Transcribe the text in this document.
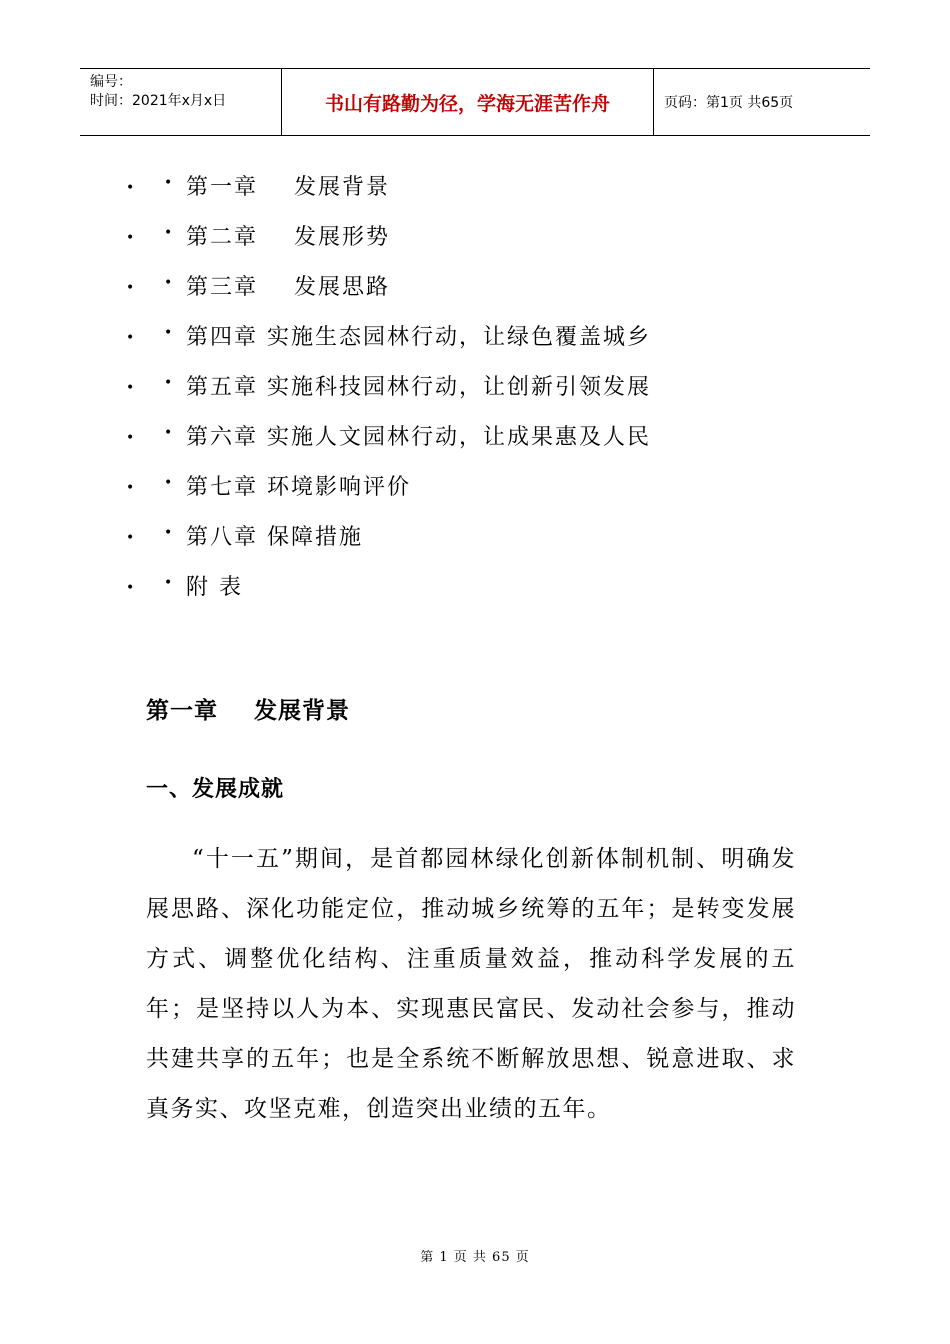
编号：
时间：2021年x月x日	书山有路勤为径，学海无涯苦作舟	页码：第1页 共65页
•	• 第一章    发展背景
•	• 第二章    发展形势
•	• 第三章    发展思路
•	• 第四章 实施生态园林行动，让绿色覆盖城乡
•	• 第五章 实施科技园林行动，让创新引领发展
•	• 第六章 实施人文园林行动，让成果惠及人民
•	• 第七章 环境影响评价
•	• 第八章 保障措施
•	• 附 表
第一章    发展背景
一、发展成就

“十一五”期间，是首都园林绿化创新体制机制、明确发展思路、深化功能定位，推动城乡统筹的五年；是转变发展方式、调整优化结构、注重质量效益，推动科学发展的五年；是坚持以人为本、实现惠民富民、发动社会参与，推动共建共享的五年；也是全系统不断解放思想、锐意进取、求真务实、攻坚克难，创造突出业绩的五年。

第 1 页 共 65 页
